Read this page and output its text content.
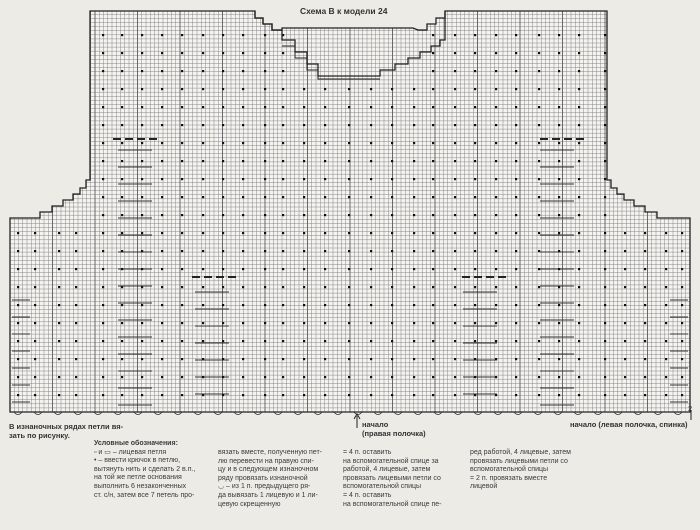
Схема В к модели 24
В изнаночных рядах петли вя-
зать по рисунку.
начало
(правая полочка)
начало (левая полочка, спинка)
2

Условные обозначения:

▫ и ▭ – лицевая петля

• – ввести крючок в петлю,

вытянуть нить и сделать 2 в.п.,

на той же петле основания

выполнить 6 незаконченных

ст. с/н, затем все 7 петель про-

вязать вместе, полученную пет-

лю перевести на правую спи-

цу и в следующем изнаночном

ряду провязать изнаночной

◡ – из 1 п. предыдущего ря-

да вывязать 1 лицевую и 1 ли-

цевую скрещенную

= 4 п. оставить

на вспомогательной спице за

работой, 4 лицевые, затем

провязать лицевыми петли со

вспомогательной спицы

= 4 п. оставить

на вспомогательной спице пе-

ред работой, 4 лицевые, затем

провязать лицевыми петли со

вспомогательной спицы

= 2 п. провязать вместе

лицевой
